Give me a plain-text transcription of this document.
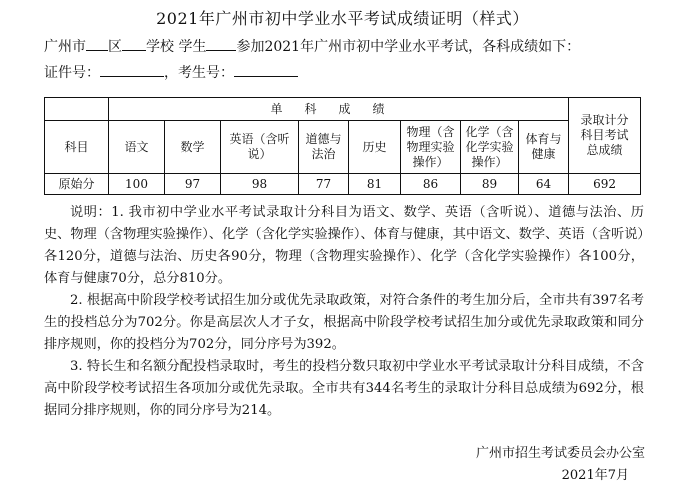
2021年广州市初中学业水平考试成绩证明（样式）
广州市 区 学校 学生 参加2021年广州市初中学业水平考试，各科成绩如下：
证件号：	，考生号：
	单科成绩								录取计分科目考试总成绩
科目	语文	数学	英语（含听说）	道德与法治	历史	物理（含物理实验操作）	化学（含化学实验操作）	体育与健康	
原始分	100	97	98	77	81	86	89	64	692

说明：1. 我市初中学业水平考试录取计分科目为语文、数学、英语（含听说）、道德与法治、历史、物理（含物理实验操作）、化学（含化学实验操作）、体育与健康，其中语文、数学、英语（含听说）各120分，道德与法治、历史各90分，物理（含物理实验操作）、化学（含化学实验操作）各100分，体育与健康70分，总分810分。

2. 根据高中阶段学校考试招生加分或优先录取政策，对符合条件的考生加分后，全市共有397名考生的投档总分为702分。你是高层次人才子女，根据高中阶段学校考试招生加分或优先录取政策和同分排序规则，你的投档分为702分，同分序号为392。

3. 特长生和名额分配投档录取时，考生的投档分数只取初中学业水平考试录取计分科目成绩，不含高中阶段学校考试招生各项加分或优先录取。全市共有344名考生的录取计分科目总成绩为692分，根据同分排序规则，你的同分序号为214。

广州市招生考试委员会办公室
2021年7月
